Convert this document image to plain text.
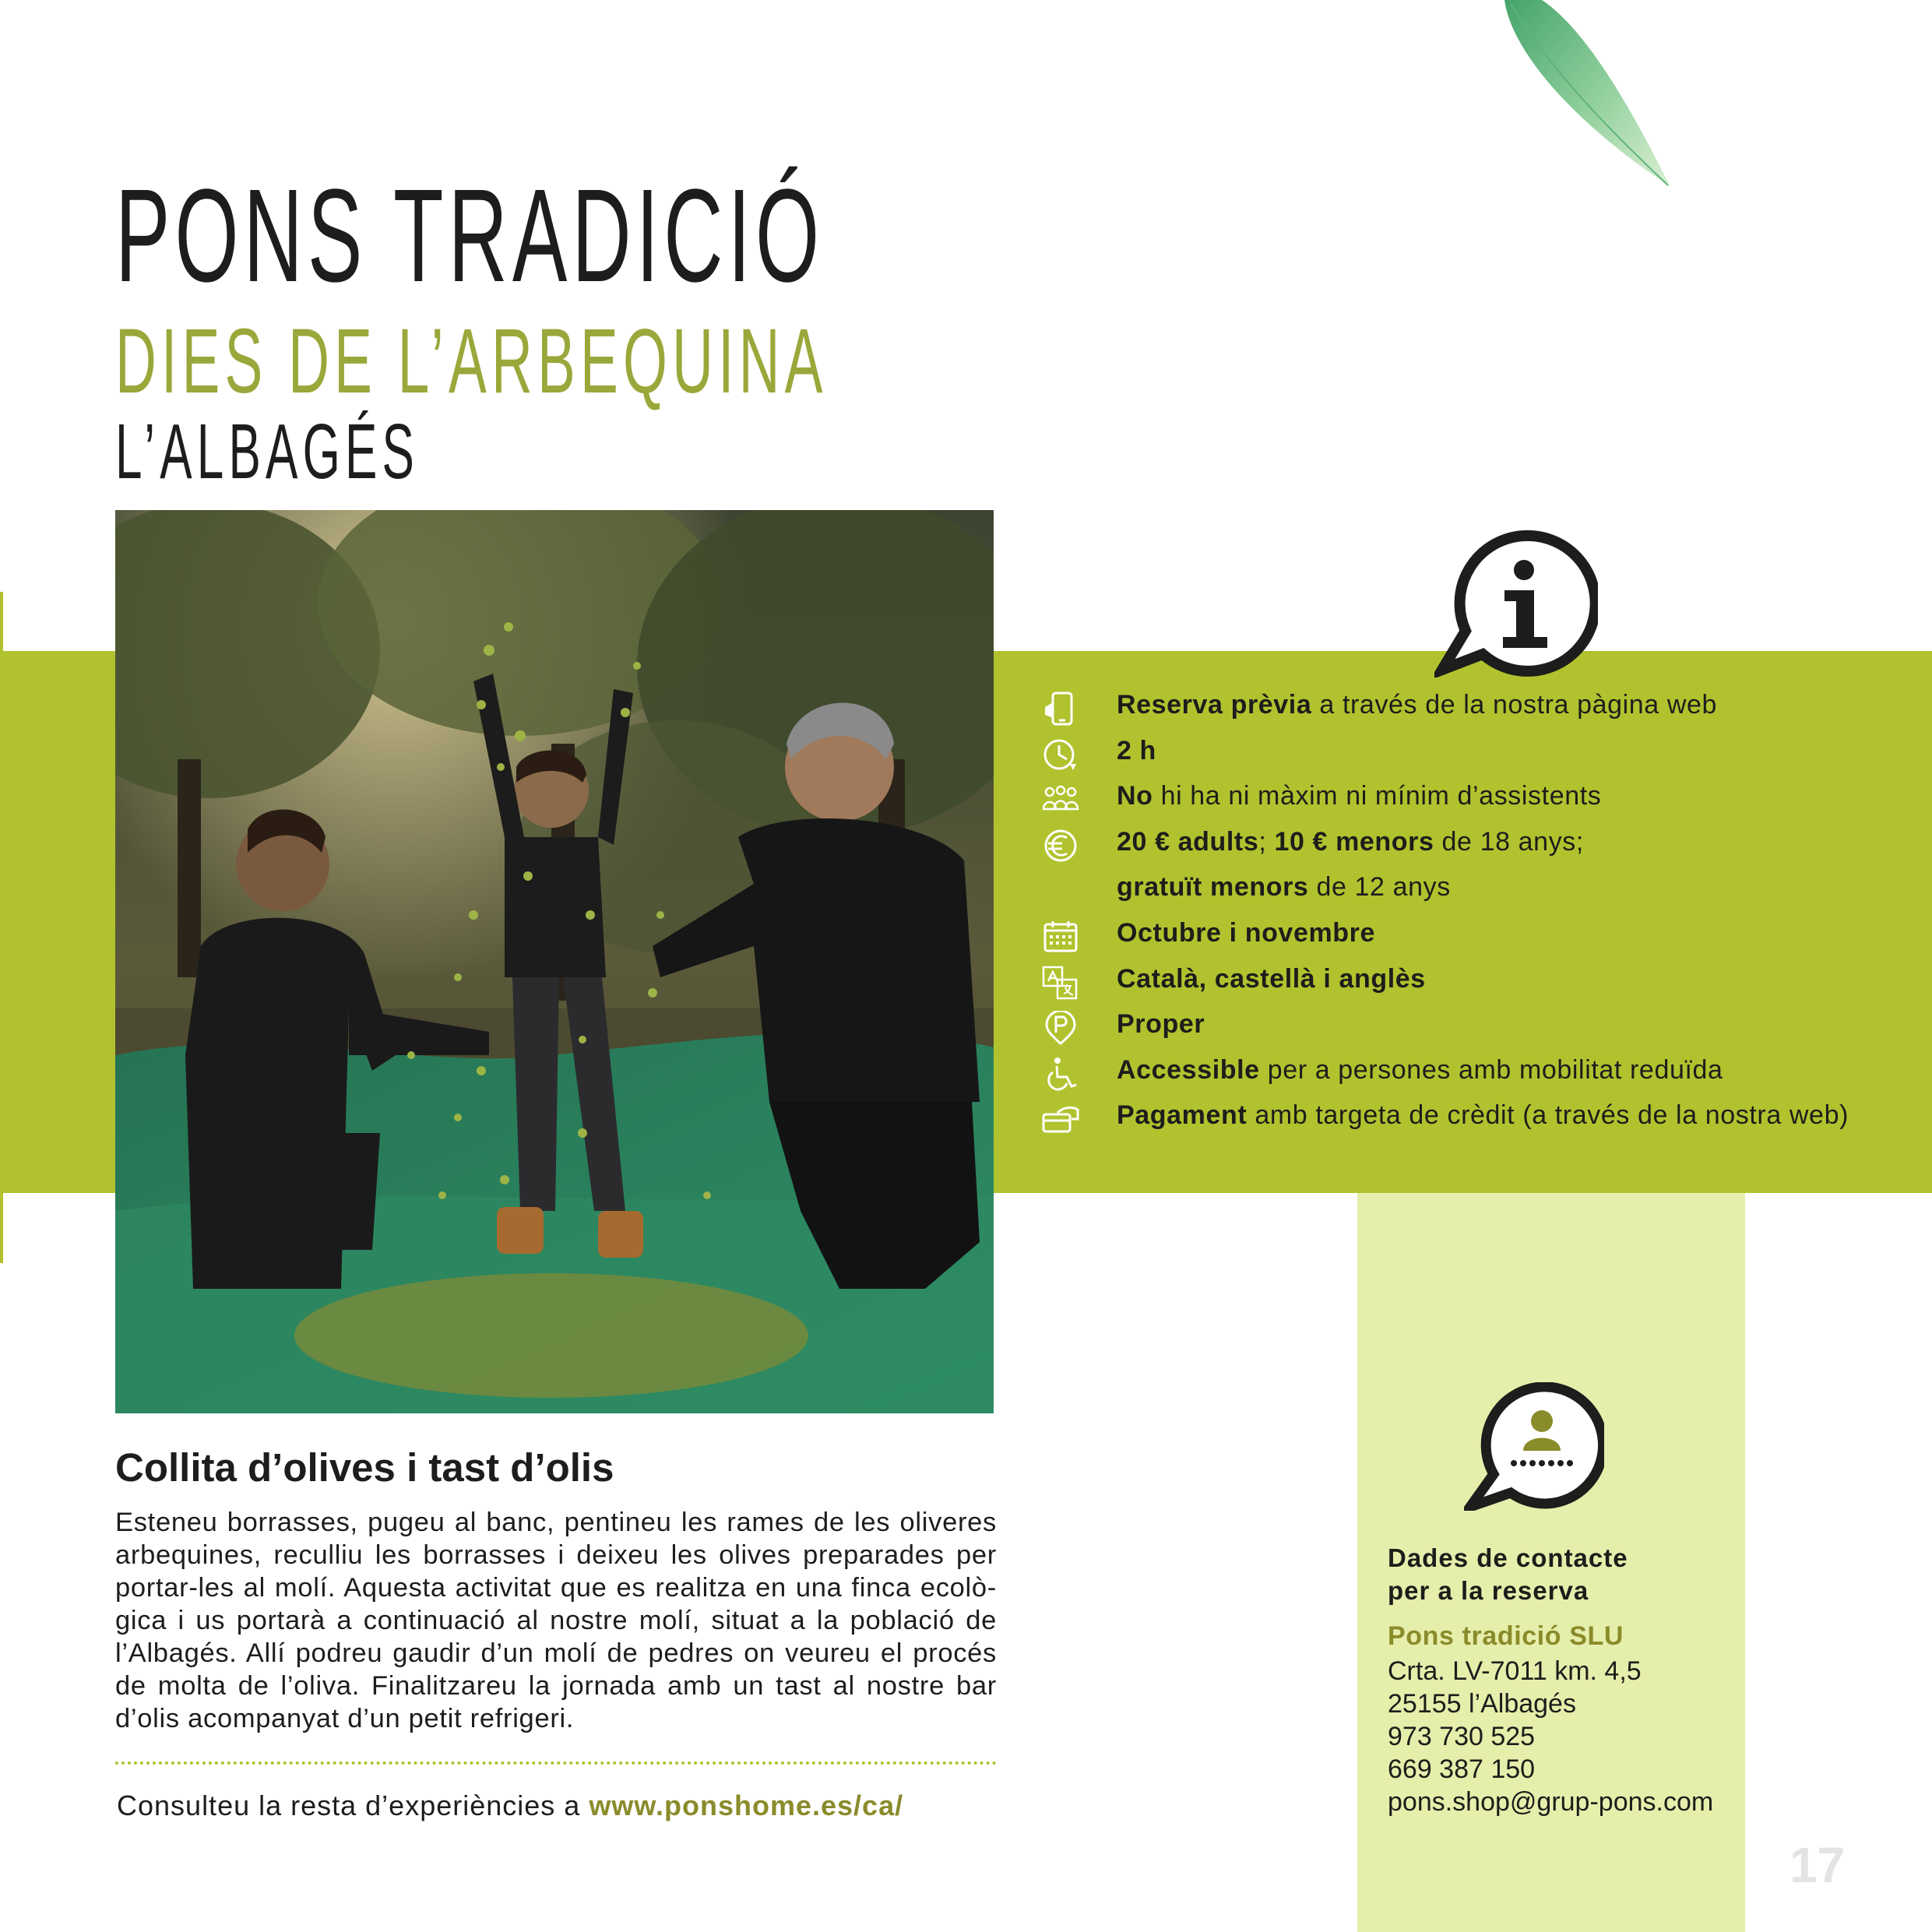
PONS TRADICIÓ
DIES DE L’ARBEQUINA
L’ALBAGÉS
Reserva prèvia a través de la nostra pàgina web
2 h
No hi ha ni màxim ni mínim d’assistents
20 € adults; 10 € menors de 18 anys;
gratuït menors de 12 anys
Octubre i novembre
Català, castellà i anglès
Proper
Accessible per a persones amb mobilitat reduïda
Pagament amb targeta de crèdit (a través de la nostra web)
Collita d’olives i tast d’olis
Esteneu borrasses, pugeu al banc, pentineu les rames de les oliveres arbequines, reculliu les borrasses i deixeu les olives preparades per portar-les al molí. Aquesta activitat que es realitza en una finca ecolò-gica i us portarà a continuació al nostre molí, situat a la població de l’Albagés. Allí podreu gaudir d’un molí de pedres on veureu el procés de molta de l’oliva. Finalitzareu la jornada amb un tast al nostre bar d’olis acompanyat d’un petit refrigeri.
Consulteu la resta d’experiències a www.ponshome.es/ca/
Dades de contacte
per a la reserva
Pons tradició SLU
Crta. LV-7011 km. 4,5
25155 l’Albagés
973 730 525
669 387 150
pons.shop@grup-pons.com
17
